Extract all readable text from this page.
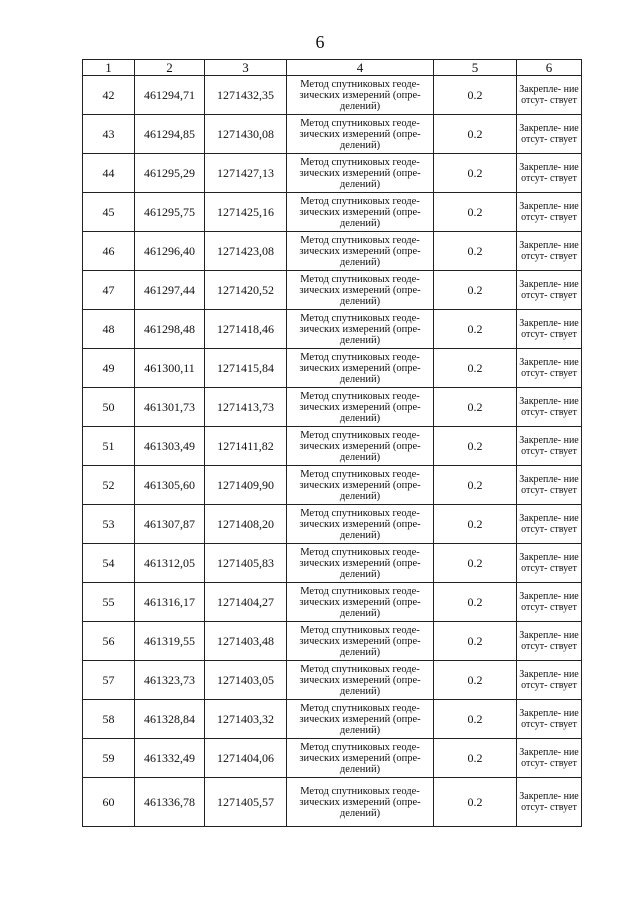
6
1	2	3	4	5	6
42	461294,71	1271432,35	Метод спутниковых геоде- зических измерений (опре- делений)	0.2	Закрепле- ние отсут- ствует
43	461294,85	1271430,08	Метод спутниковых геоде- зических измерений (опре- делений)	0.2	Закрепле- ние отсут- ствует
44	461295,29	1271427,13	Метод спутниковых геоде- зических измерений (опре- делений)	0.2	Закрепле- ние отсут- ствует
45	461295,75	1271425,16	Метод спутниковых геоде- зических измерений (опре- делений)	0.2	Закрепле- ние отсут- ствует
46	461296,40	1271423,08	Метод спутниковых геоде- зических измерений (опре- делений)	0.2	Закрепле- ние отсут- ствует
47	461297,44	1271420,52	Метод спутниковых геоде- зических измерений (опре- делений)	0.2	Закрепле- ние отсут- ствует
48	461298,48	1271418,46	Метод спутниковых геоде- зических измерений (опре- делений)	0.2	Закрепле- ние отсут- ствует
49	461300,11	1271415,84	Метод спутниковых геоде- зических измерений (опре- делений)	0.2	Закрепле- ние отсут- ствует
50	461301,73	1271413,73	Метод спутниковых геоде- зических измерений (опре- делений)	0.2	Закрепле- ние отсут- ствует
51	461303,49	1271411,82	Метод спутниковых геоде- зических измерений (опре- делений)	0.2	Закрепле- ние отсут- ствует
52	461305,60	1271409,90	Метод спутниковых геоде- зических измерений (опре- делений)	0.2	Закрепле- ние отсут- ствует
53	461307,87	1271408,20	Метод спутниковых геоде- зических измерений (опре- делений)	0.2	Закрепле- ние отсут- ствует
54	461312,05	1271405,83	Метод спутниковых геоде- зических измерений (опре- делений)	0.2	Закрепле- ние отсут- ствует
55	461316,17	1271404,27	Метод спутниковых геоде- зических измерений (опре- делений)	0.2	Закрепле- ние отсут- ствует
56	461319,55	1271403,48	Метод спутниковых геоде- зических измерений (опре- делений)	0.2	Закрепле- ние отсут- ствует
57	461323,73	1271403,05	Метод спутниковых геоде- зических измерений (опре- делений)	0.2	Закрепле- ние отсут- ствует
58	461328,84	1271403,32	Метод спутниковых геоде- зических измерений (опре- делений)	0.2	Закрепле- ние отсут- ствует
59	461332,49	1271404,06	Метод спутниковых геоде- зических измерений (опре- делений)	0.2	Закрепле- ние отсут- ствует
60	461336,78	1271405,57	Метод спутниковых геоде- зических измерений (опре- делений)	0.2	Закрепле- ние отсут- ствует
